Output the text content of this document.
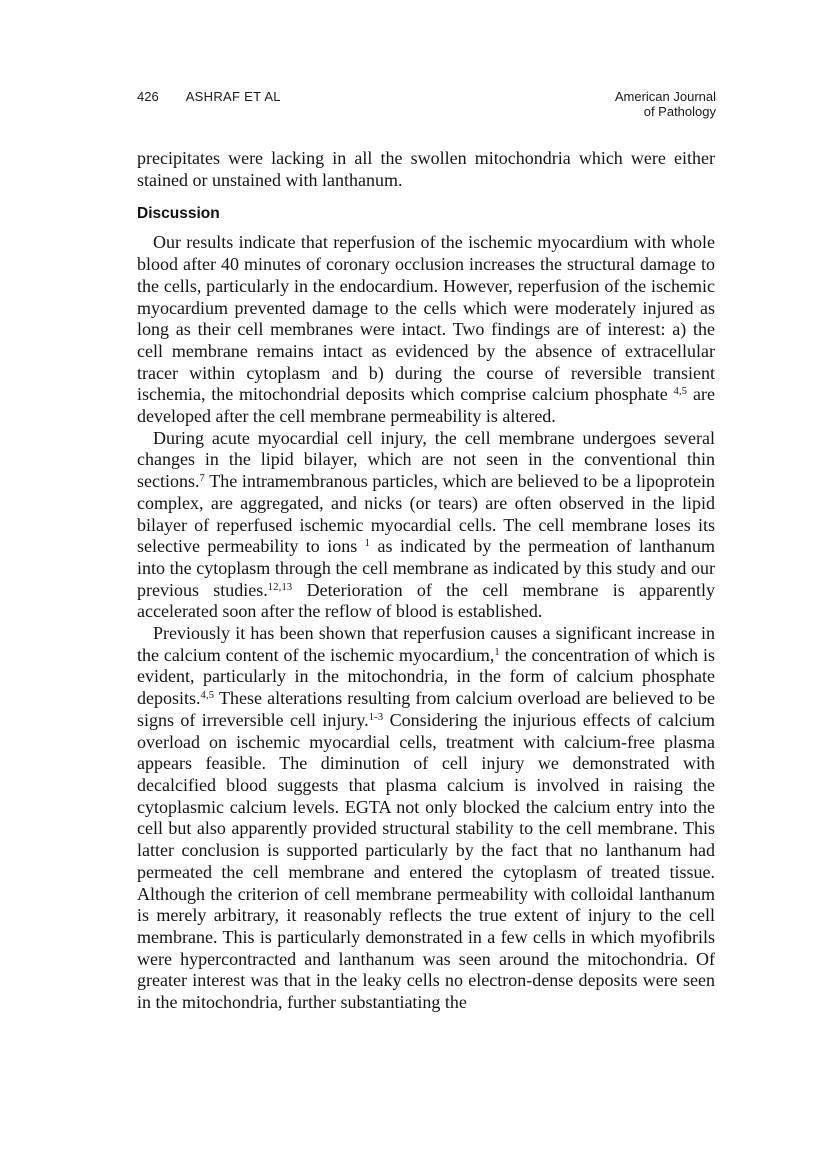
426 ASHRAF ET AL	American Journal
of Pathology

precipitates were lacking in all the swollen mitochondria which were either stained or unstained with lanthanum.

Discussion

Our results indicate that reperfusion of the ischemic myocardium with whole blood after 40 minutes of coronary occlusion increases the structural damage to the cells, particularly in the endocardium. However, reperfusion of the ischemic myocardium prevented damage to the cells which were moderately injured as long as their cell membranes were intact. Two findings are of interest: a) the cell membrane remains intact as evidenced by the absence of extracellular tracer within cytoplasm and b) during the course of reversible transient ischemia, the mitochondrial deposits which comprise calcium phosphate $^{4,5}$ are developed after the cell membrane permeability is altered.

During acute myocardial cell injury, the cell membrane undergoes several changes in the lipid bilayer, which are not seen in the conventional thin sections.$^7$ The intramembranous particles, which are believed to be a lipoprotein complex, are aggregated, and nicks (or tears) are often observed in the lipid bilayer of reperfused ischemic myocardial cells. The cell membrane loses its selective permeability to ions $^1$ as indicated by the permeation of lanthanum into the cytoplasm through the cell membrane as indicated by this study and our previous studies.$^{12,13}$ Deterioration of the cell membrane is apparently accelerated soon after the reflow of blood is established.

Previously it has been shown that reperfusion causes a significant increase in the calcium content of the ischemic myocardium,$^1$ the concentration of which is evident, particularly in the mitochondria, in the form of calcium phosphate deposits.$^{4,5}$ These alterations resulting from calcium overload are believed to be signs of irreversible cell injury.$^{1-3}$ Considering the injurious effects of calcium overload on ischemic myocardial cells, treatment with calcium-free plasma appears feasible. The diminution of cell injury we demonstrated with decalcified blood suggests that plasma calcium is involved in raising the cytoplasmic calcium levels. EGTA not only blocked the calcium entry into the cell but also apparently provided structural stability to the cell membrane. This latter conclusion is supported particularly by the fact that no lanthanum had permeated the cell membrane and entered the cytoplasm of treated tissue. Although the criterion of cell membrane permeability with colloidal lanthanum is merely arbitrary, it reasonably reflects the true extent of injury to the cell membrane. This is particularly demonstrated in a few cells in which myofibrils were hypercontracted and lanthanum was seen around the mitochondria. Of greater interest was that in the leaky cells no electron-dense deposits were seen in the mitochondria, further substantiating the
